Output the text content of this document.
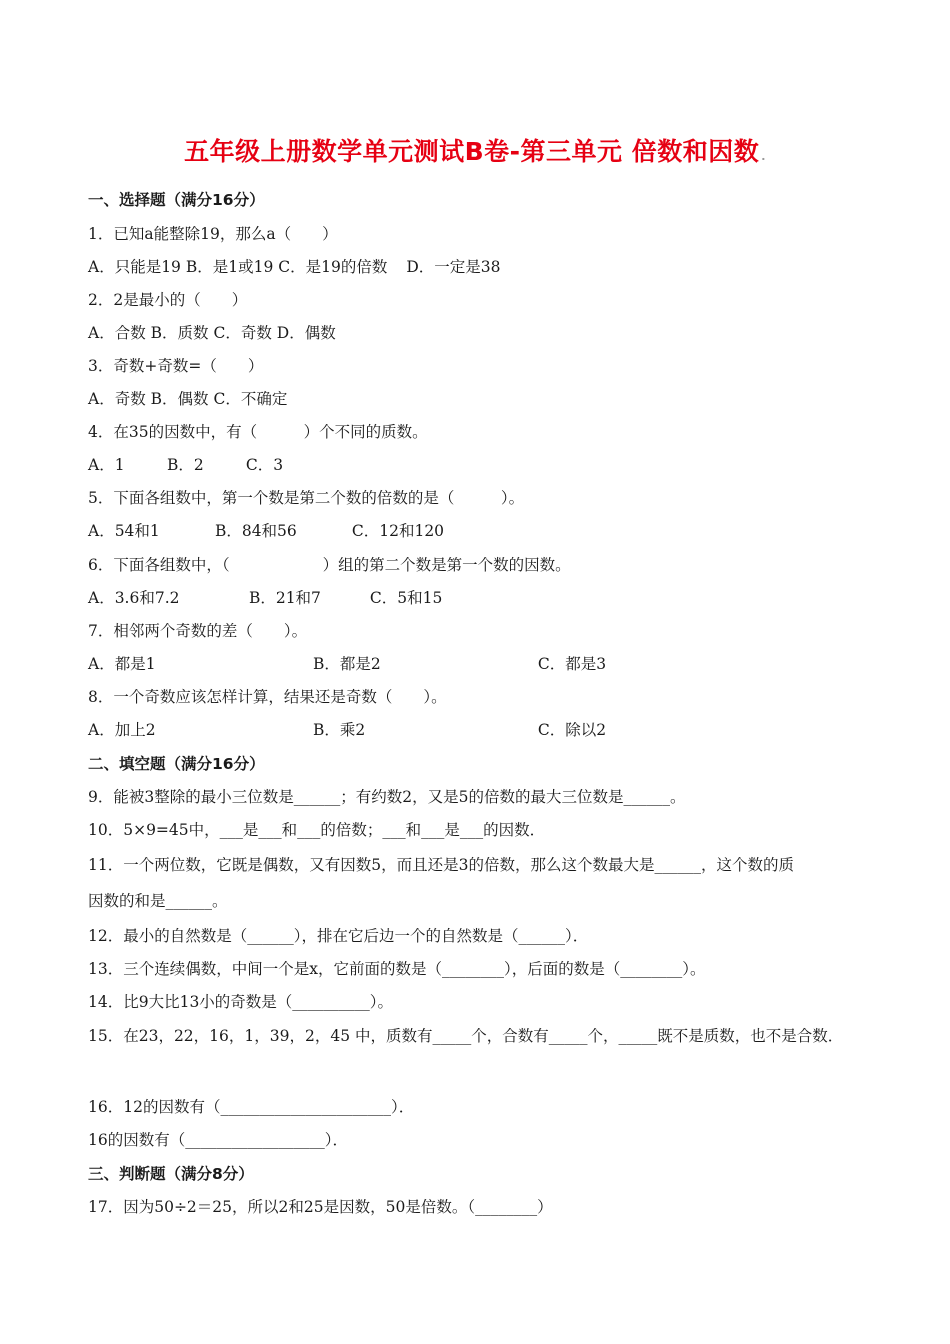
五年级上册数学单元测试B卷-第三单元 倍数和因数 .
一、选择题（满分16分）
1．已知a能整除19，那么a（　　）
A．只能是19 B．是1或19 C．是19的倍数 D．一定是38
2．2是最小的（　　）
A．合数 B．质数 C．奇数 D．偶数
3．奇数+奇数=（　　）
A．奇数 B．偶数 C．不确定
4．在35的因数中，有（　　　）个不同的质数。
A．1	B．2	C．3
5．下面各组数中，第一个数是第二个数的倍数的是（　　　）。
A．54和1	B．84和56	C．12和120
6．下面各组数中，（　　　　　　）组的第二个数是第一个数的因数。
A．3.6和7.2	B．21和7	C．5和15
7．相邻两个奇数的差（　　）。
A．都是1	B．都是2	C．都是3
8．一个奇数应该怎样计算，结果还是奇数（　　）。
A．加上2	B．乘2	C．除以2
二、填空题（满分16分）
9．能被3整除的最小三位数是______；有约数2，又是5的倍数的最大三位数是______。
10．5×9=45中，___是___和___的倍数；___和___是___的因数．
11．一个两位数，它既是偶数，又有因数5，而且还是3的倍数，那么这个数最大是______，这个数的质
因数的和是______。
12．最小的自然数是（______），排在它后边一个的自然数是（______）．
13．三个连续偶数，中间一个是x，它前面的数是（________），后面的数是（________）。
14．比9大比13小的奇数是（__________）。
15．在23，22，16，1，39，2，45 中，质数有_____个，合数有_____个，_____既不是质数，也不是合数．
16．12的因数有（______________________）．
16的因数有（__________________）．
三、判断题（满分8分）
17．因为50÷2＝25，所以2和25是因数，50是倍数。（________）
